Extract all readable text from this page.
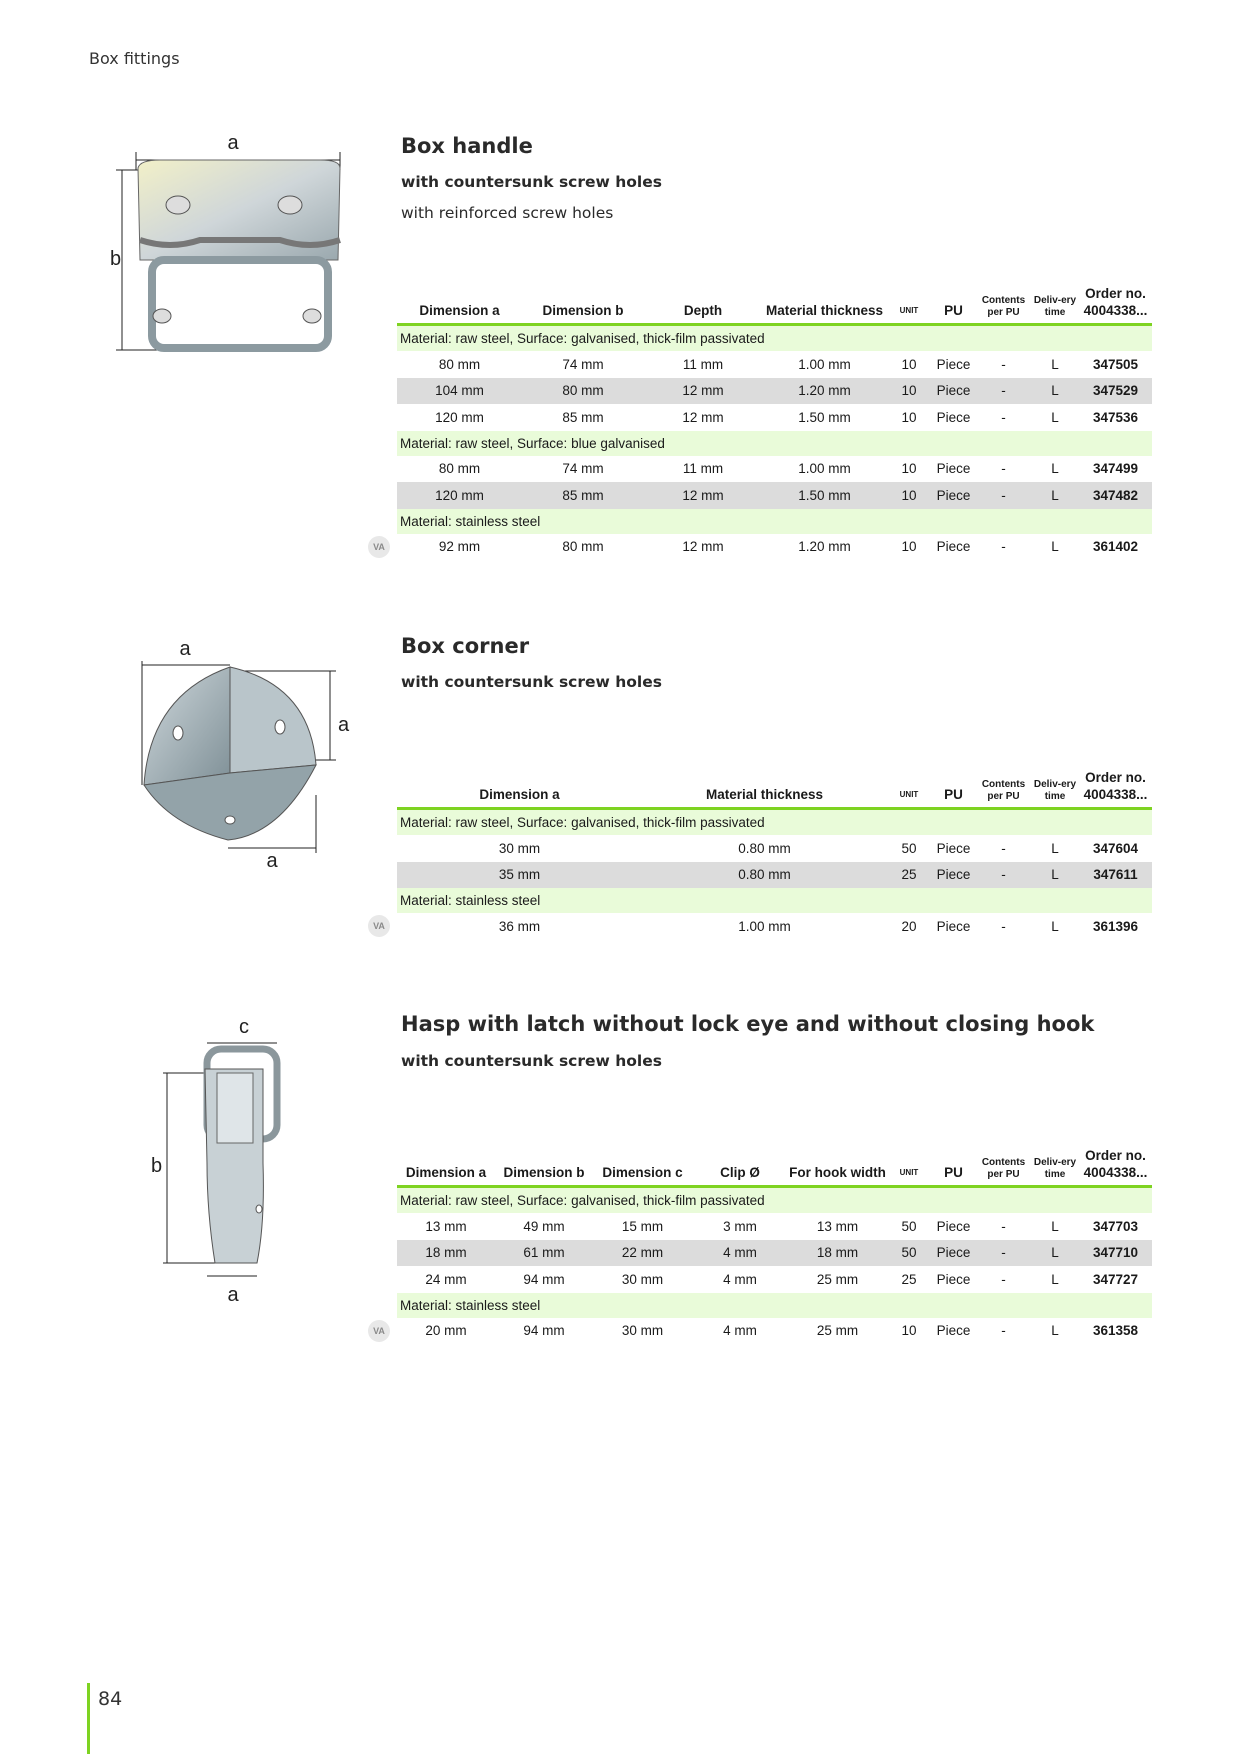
Box fittings
Box handle
with countersunk screw holes
with reinforced screw holes
a
b
Dimension a	Dimension b	Depth	Material thickness	UNIT	PU	Contents per PU	Deliv-ery time	Order no. 4004338...
Material: raw steel, Surface: galvanised, thick-film passivated								
80 mm	74 mm	11 mm	1.00 mm	10	Piece	-	L	347505
104 mm	80 mm	12 mm	1.20 mm	10	Piece	-	L	347529
120 mm	85 mm	12 mm	1.50 mm	10	Piece	-	L	347536
Material: raw steel, Surface: blue galvanised								
80 mm	74 mm	11 mm	1.00 mm	10	Piece	-	L	347499
120 mm	85 mm	12 mm	1.50 mm	10	Piece	-	L	347482
Material: stainless steel								
92 mm	80 mm	12 mm	1.20 mm	10	Piece	-	L	361402
Box corner
with countersunk screw holes
a
a
a
Dimension a	Material thickness	UNIT	PU	Contents per PU	Deliv-ery time	Order no. 4004338...
Material: raw steel, Surface: galvanised, thick-film passivated						
30 mm	0.80 mm	50	Piece	-	L	347604
35 mm	0.80 mm	25	Piece	-	L	347611
Material: stainless steel						
36 mm	1.00 mm	20	Piece	-	L	361396
Hasp with latch without lock eye and without closing hook
with countersunk screw holes
c
b
a
Dimension a	Dimension b	Dimension c	Clip Ø	For hook width	UNIT	PU	Contents per PU	Deliv-ery time	Order no. 4004338...
Material: raw steel, Surface: galvanised, thick-film passivated									
13 mm	49 mm	15 mm	3 mm	13 mm	50	Piece	-	L	347703
18 mm	61 mm	22 mm	4 mm	18 mm	50	Piece	-	L	347710
24 mm	94 mm	30 mm	4 mm	25 mm	25	Piece	-	L	347727
Material: stainless steel									
20 mm	94 mm	30 mm	4 mm	25 mm	10	Piece	-	L	361358
84
VA
VA
VA
